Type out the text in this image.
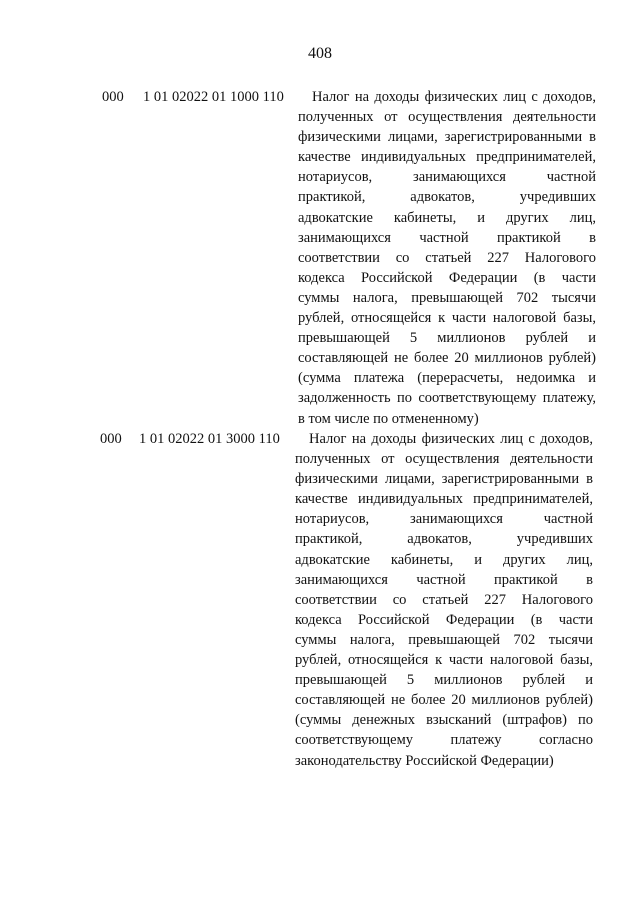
408
000 1 01 02022 01 1000 110	Налог на доходы физических лиц с доходов,
полученных от осуществления деятельности
физическими лицами, зарегистрированными в
качестве индивидуальных предпринимателей,
нотариусов, занимающихся частной
практикой, адвокатов, учредивших
адвокатские кабинеты, и других лиц,
занимающихся частной практикой в
соответствии со статьей 227 Налогового
кодекса Российской Федерации (в части
суммы налога, превышающей 702 тысячи
рублей, относящейся к части налоговой базы,
превышающей 5 миллионов рублей и
составляющей не более 20 миллионов рублей)
(сумма платежа (перерасчеты, недоимка и
задолженность по соответствующему платежу,
в том числе по отмененному)
000 1 01 02022 01 3000 110	Налог на доходы физических лиц с доходов,
полученных от осуществления деятельности
физическими лицами, зарегистрированными в
качестве индивидуальных предпринимателей,
нотариусов, занимающихся частной
практикой, адвокатов, учредивших
адвокатские кабинеты, и других лиц,
занимающихся частной практикой в
соответствии со статьей 227 Налогового
кодекса Российской Федерации (в части
суммы налога, превышающей 702 тысячи
рублей, относящейся к части налоговой базы,
превышающей 5 миллионов рублей и
составляющей не более 20 миллионов рублей)
(суммы денежных взысканий (штрафов) по
соответствующему платежу согласно
законодательству Российской Федерации)
